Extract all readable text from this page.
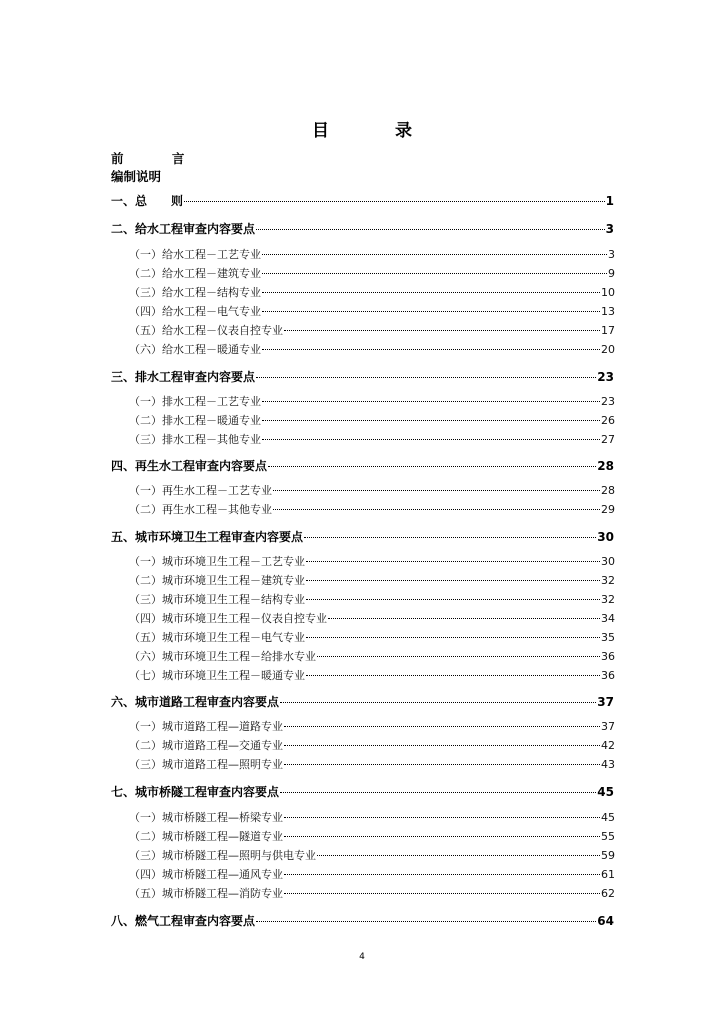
目 录
前 言
编制说明
一、总　　则	1
二、给水工程审查内容要点	3
（一）给水工程－工艺专业	3
（二）给水工程－建筑专业	9
（三）给水工程－结构专业	10
（四）给水工程－电气专业	13
（五）给水工程－仪表自控专业	17
（六）给水工程－暖通专业	20
三、排水工程审查内容要点	23
（一）排水工程－工艺专业	23
（二）排水工程－暖通专业	26
（三）排水工程－其他专业	27
四、再生水工程审查内容要点	28
（一）再生水工程－工艺专业	28
（二）再生水工程－其他专业	29
五、城市环境卫生工程审查内容要点	30
（一）城市环境卫生工程－工艺专业	30
（二）城市环境卫生工程－建筑专业	32
（三）城市环境卫生工程－结构专业	32
（四）城市环境卫生工程－仪表自控专业	34
（五）城市环境卫生工程－电气专业	35
（六）城市环境卫生工程－给排水专业	36
（七）城市环境卫生工程－暖通专业	36
六、城市道路工程审查内容要点	37
（一）城市道路工程—道路专业	37
（二）城市道路工程—交通专业	42
（三）城市道路工程—照明专业	43
七、城市桥隧工程审查内容要点	45
（一）城市桥隧工程—桥梁专业	45
（二）城市桥隧工程—隧道专业	55
（三）城市桥隧工程—照明与供电专业	59
（四）城市桥隧工程—通风专业	61
（五）城市桥隧工程—消防专业	62
八、燃气工程审查内容要点	64
4
